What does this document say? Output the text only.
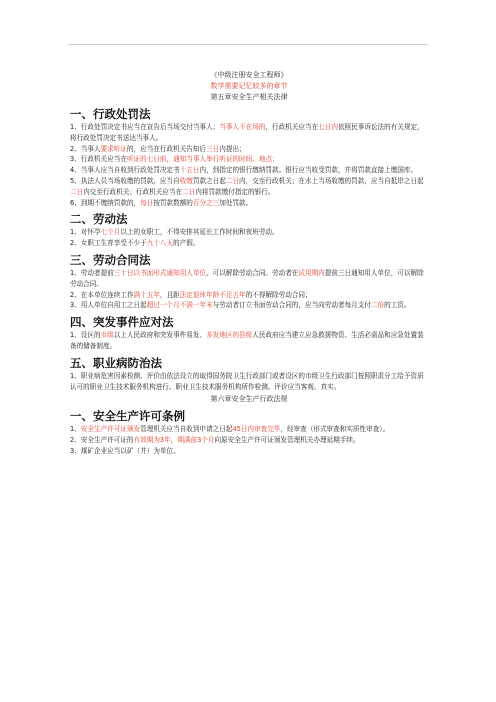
《中级注册安全工程师》
数学需要记忆较多的章节
第五章安全生产相关法律
一、行政处罚法

1、行政处罚决定书应当在宣告后当场交付当事人；当事人不在场的，行政机关应当在七日内依照民事诉讼法的有关规定，将行政处罚决定书送达当事人。

2、当事人要求听证的，应当在行政机关告知后三日内提出；

3、行政机关应当在听证的七日前，通知当事人举行听证的时间、地点；

4、当事人应当自收到行政处罚决定书十五日内，到指定的银行缴纳罚款。银行应当收受罚款，并将罚款直接上缴国库。

5、执法人员当场收缴的罚款，应当自收缴罚款之日起二日内，交至行政机关；在水上当场收缴的罚款，应当自抵岸之日起二日内交至行政机关；行政机关应当在二日内将罚款缴付指定的银行。

6、到期不缴纳罚款的，每日按罚款数额的百分之三加处罚款。

二、劳动法

1、对怀孕七个月以上的女职工，不得安排其延长工作时间和夜班劳动。

2、女职工生育享受不少于九十八天的产假。

三、劳动合同法

1、劳动者提前三十日以书面形式通知用人单位，可以解除劳动合同。劳动者在试用期内提前三日通知用人单位，可以解除劳动合同。

2、在本单位连续工作满十五年，且距法定退休年龄不足五年的不得解除劳动合同；

3、用人单位自用工之日起超过一个月不满一年未与劳动者订立书面劳动合同的，应当向劳动者每月支付二倍的工资。

四、突发事件应对法

1、设区的市级以上人民政府和突发事件易发、多发地区的县级人民政府应当建立应急救援物资、生活必需品和应急处置装备的储备制度。

五、职业病防治法

1、职业病危害因素检测、评价由依法设立的取得国务院卫生行政部门或者设区的市级卫生行政部门按照职责分工给予资质认可的职业卫生技术服务机构进行。职业卫生技术服务机构所作检测、评价应当客观、真实。

第六章安全生产行政法规
一、安全生产许可条例

1、安全生产许可证颁发管理机关应当自收到申请之日起45日内审查完毕，经审查（形式审查和实质性审查）。

2、安全生产许可证的有效期为3年，期满前3个月向原安全生产许可证颁发管理机关办理延期手续。

3、煤矿企业应当以矿（井）为单位。
